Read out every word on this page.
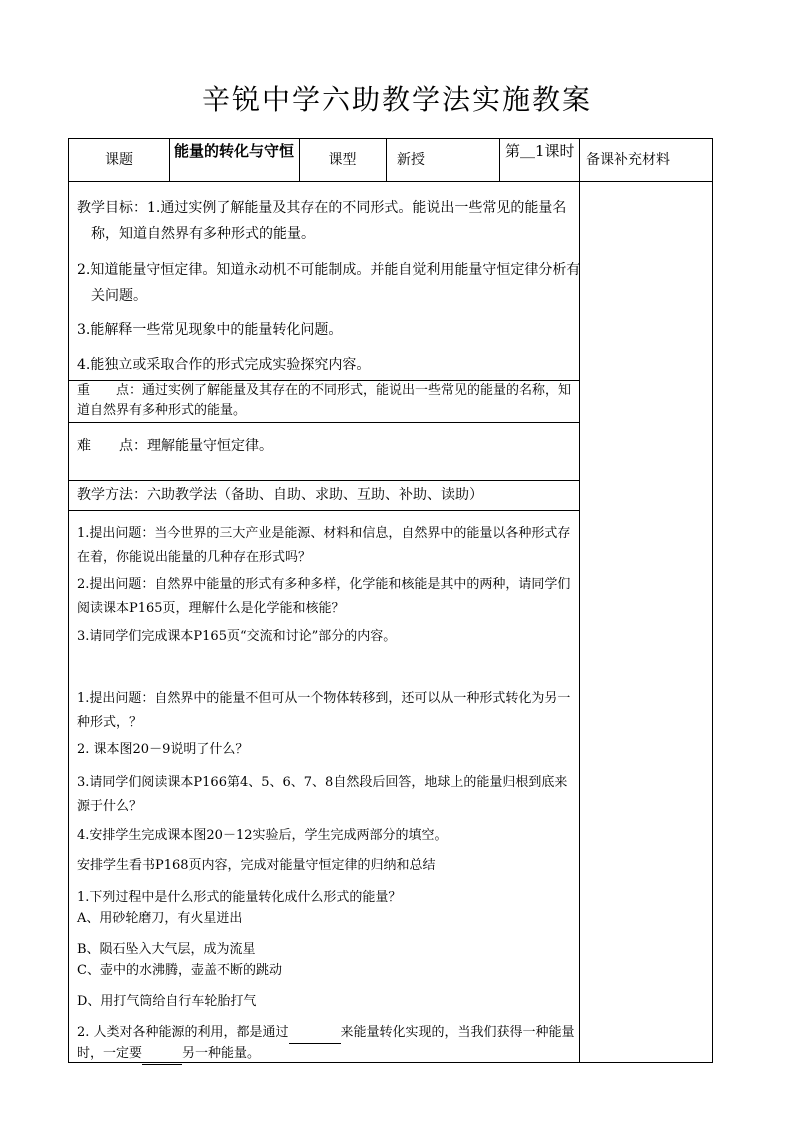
辛锐中学六助教学法实施教案
课题	能量的转化与守恒	课型	新授	第＿1课时 备课补充材料
教学目标：1.通过实例了解能量及其存在的不同形式。能说出一些常见的能量名称，知道自然界有多种形式的能量。
2.知道能量守恒定律。知道永动机不可能制成。并能自觉利用能量守恒定律分析有关问题。
3.能解释一些常见现象中的能量转化问题。
4.能独立或采取合作的形式完成实验探究内容。
重　　点：通过实例了解能量及其存在的不同形式，能说出一些常见的能量的名称，知道自然界有多种形式的能量。
难　　点：理解能量守恒定律。
教学方法：六助教学法（备助、自助、求助、互助、补助、读助）
1.提出问题：当今世界的三大产业是能源、材料和信息，自然界中的能量以各种形式存在着，你能说出能量的几种存在形式吗？
2.提出问题：自然界中能量的形式有多种多样，化学能和核能是其中的两种，请同学们阅读课本P165页，理解什么是化学能和核能？
3.请同学们完成课本P165页“交流和讨论”部分的内容。
1.提出问题：自然界中的能量不但可从一个物体转移到，还可以从一种形式转化为另一种形式，？
2. 课本图20－9说明了什么？
3.请同学们阅读课本P166第4、5、6、7、8自然段后回答，地球上的能量归根到底来源于什么？
4.安排学生完成课本图20－12实验后，学生完成两部分的填空。
安排学生看书P168页内容，完成对能量守恒定律的归纳和总结
1.下列过程中是什么形式的能量转化成什么形式的能量？
A、用砂轮磨刀，有火星迸出
B、陨石坠入大气层，成为流星
C、壶中的水沸腾，壶盖不断的跳动
D、用打气筒给自行车轮胎打气
2. 人类对各种能源的利用，都是通过	来能量转化实现的，当我们获得一种能量时，一定要	另一种能量。
